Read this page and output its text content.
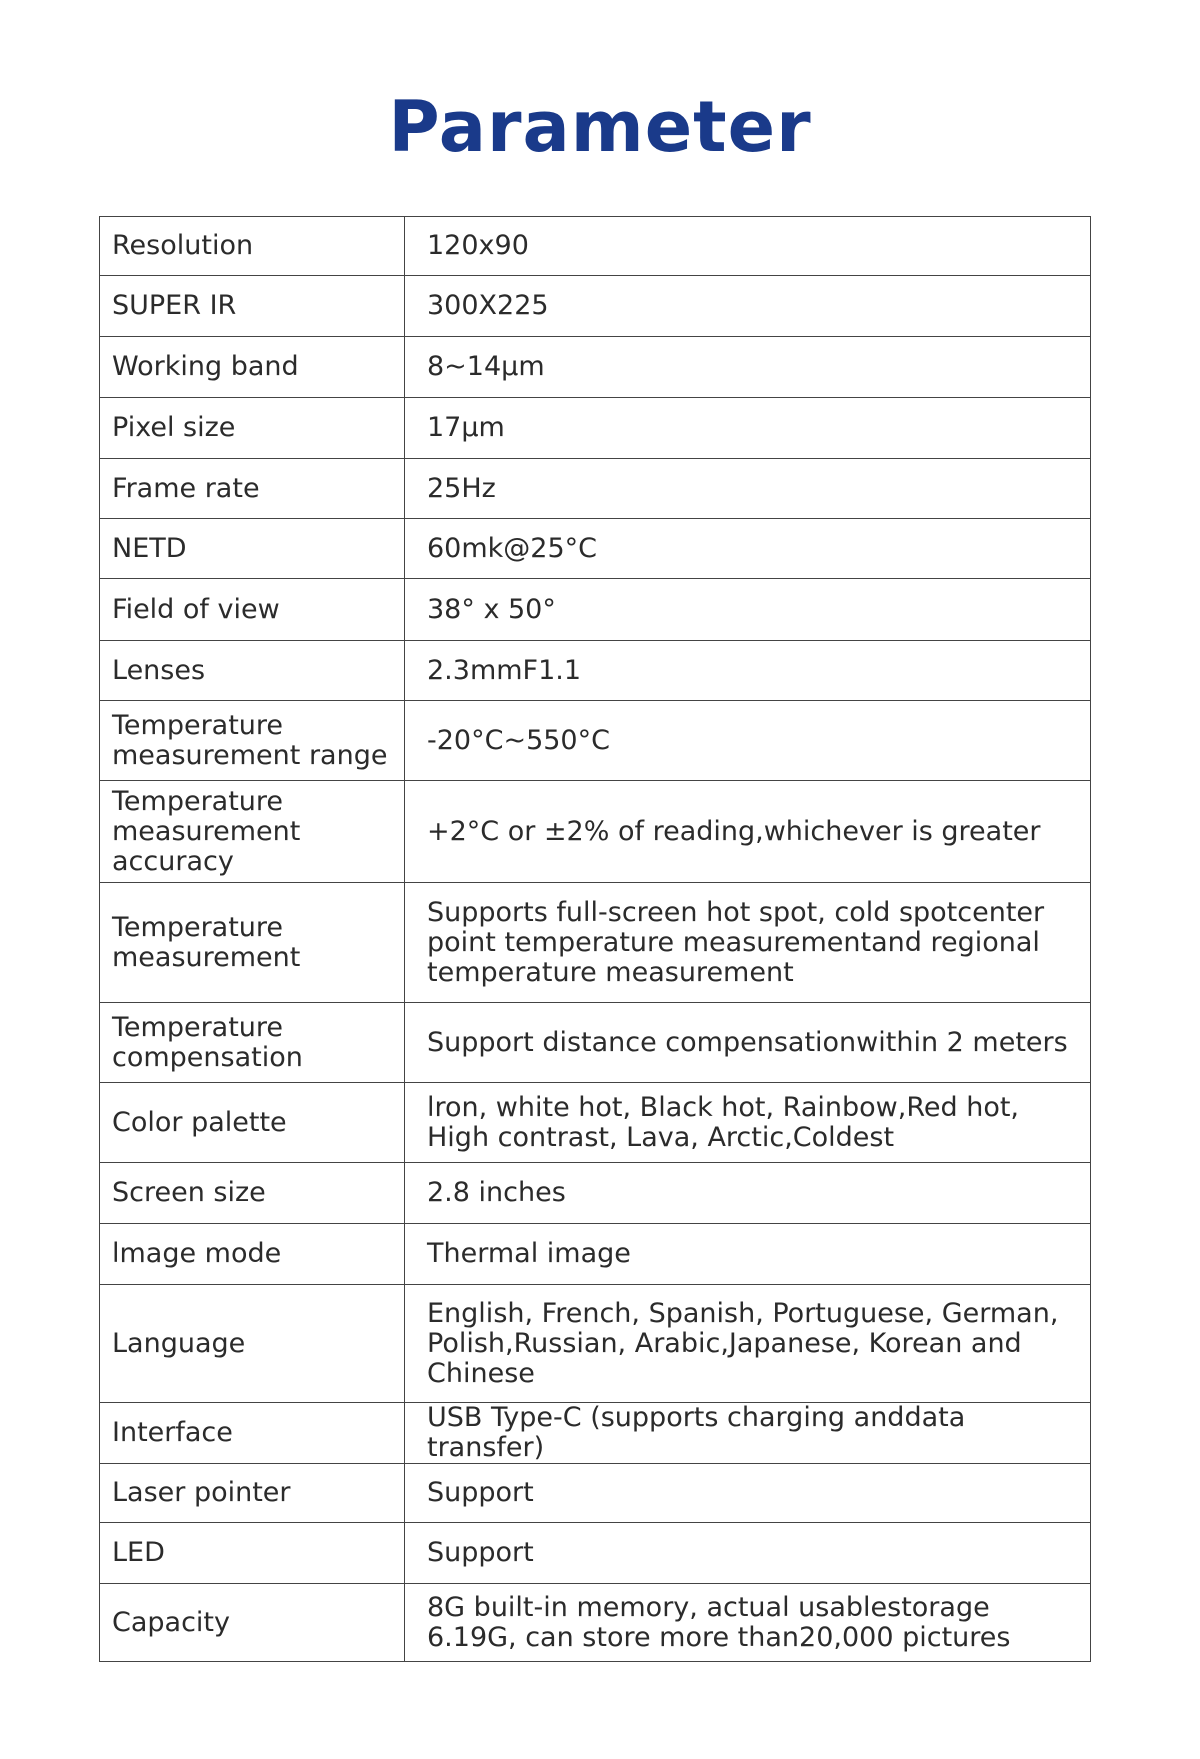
Parameter
Resolution	120x90
SUPER IR	300X225
Working band	8~14μm
Pixel size	17μm
Frame rate	25Hz
NETD	60mk@25°C
Field of view	38° x 50°
Lenses	2.3mmF1.1
Temperature measurement range	-20°C~550°C
Temperature measurement accuracy	+2°C or ±2% of reading,whichever is greater
Temperature measurement	Supports full-screen hot spot, cold spotcenter point temperature measurementand regional temperature measurement
Temperature compensation	Support distance compensationwithin 2 meters
Color palette	lron, white hot, Black hot, Rainbow,Red hot, High contrast, Lava, Arctic,Coldest
Screen size	2.8 inches
lmage mode	Thermal image
Language	English, French, Spanish, Portuguese, German, Polish,Russian, Arabic,Japanese, Korean and Chinese
Interface	USB Type-C (supports charging anddata transfer)
Laser pointer	Support
LED	Support
Capacity	8G built-in memory, actual usablestorage 6.19G, can store more than20,000 pictures
